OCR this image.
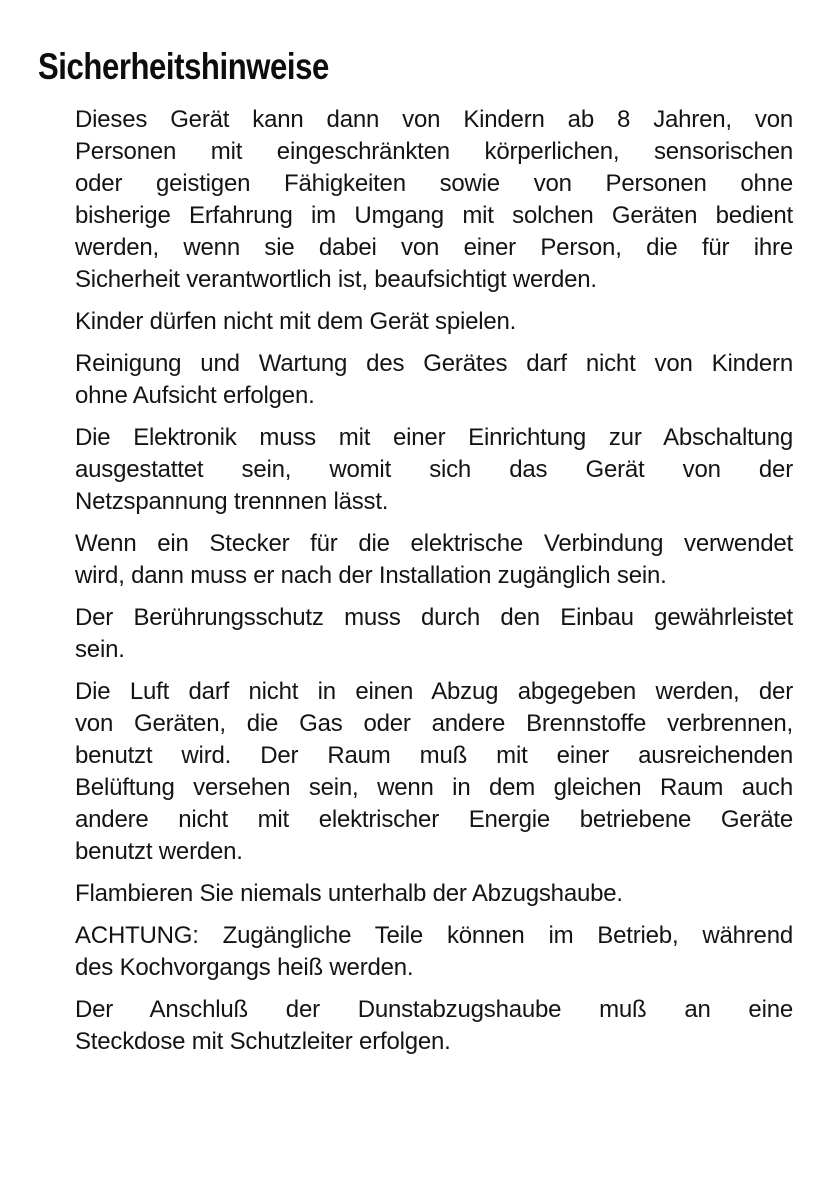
Sicherheitshinweise

Dieses Gerät kann dann von Kindern ab 8 Jahren, von
Personen mit eingeschränkten körperlichen, sensorischen
oder geistigen Fähigkeiten sowie von Personen ohne
bisherige Erfahrung im Umgang mit solchen Geräten bedient
werden, wenn sie dabei von einer Person, die für ihre
Sicherheit verantwortlich ist, beaufsichtigt werden.

Kinder dürfen nicht mit dem Gerät spielen.

Reinigung und Wartung des Gerätes darf nicht von Kindern
ohne Aufsicht erfolgen.

Die Elektronik muss mit einer Einrichtung zur Abschaltung
ausgestattet sein, womit sich das Gerät von der
Netzspannung trennnen lässt.

Wenn ein Stecker für die elektrische Verbindung verwendet
wird, dann muss er nach der Installation zugänglich sein.

Der Berührungsschutz muss durch den Einbau gewährleistet
sein.

Die Luft darf nicht in einen Abzug abgegeben werden, der
von Geräten, die Gas oder andere Brennstoffe verbrennen,
benutzt wird. Der Raum muß mit einer ausreichenden
Belüftung versehen sein, wenn in dem gleichen Raum auch
andere nicht mit elektrischer Energie betriebene Geräte
benutzt werden.

Flambieren Sie niemals unterhalb der Abzugshaube.

ACHTUNG: Zugängliche Teile können im Betrieb, während
des Kochvorgangs heiß werden.

Der Anschluß der Dunstabzugshaube muß an eine
Steckdose mit Schutzleiter erfolgen.
